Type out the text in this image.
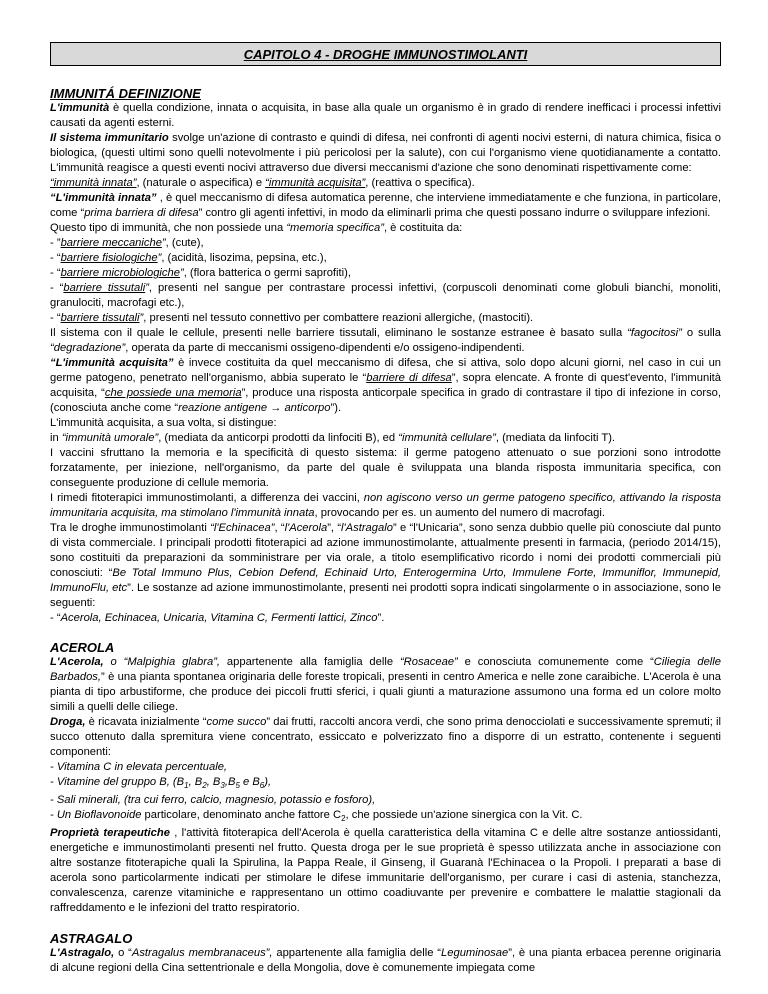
CAPITOLO 4 - DROGHE IMMUNOSTIMOLANTI
IMMUNITÁ DEFINIZIONE

L'immunità è quella condizione, innata o acquisita, in base alla quale un organismo è in grado di rendere inefficaci i processi infettivi causati da agenti esterni.

Il sistema immunitario svolge un'azione di contrasto e quindi di difesa, nei confronti di agenti nocivi esterni, di natura chimica, fisica o biologica, (questi ultimi sono quelli notevolmente i più pericolosi per la salute), con cui l'organismo viene quotidianamente a contatto. L'immunità reagisce a questi eventi nocivi attraverso due diversi meccanismi d'azione che sono denominati rispettivamente come:

“immunità innata”, (naturale o aspecifica) e “immunità acquisita”, (reattiva o specifica).

“L'immunità innata” , è quel meccanismo di difesa automatica perenne, che interviene immediatamente e che funziona, in particolare, come “prima barriera di difesa” contro gli agenti infettivi, in modo da eliminarli prima che questi possano indurre o sviluppare infezioni.

Questo tipo di immunità, che non possiede una “memoria specifica”, è costituita da:

- ”barriere meccaniche”, (cute),

- “barriere fisiologiche”, (acidità, lisozima, pepsina, etc.),

- “barriere microbiologiche”, (flora batterica o germi saprofiti),

- “barriere tissutali”, presenti nel sangue per contrastare processi infettivi, (corpuscoli denominati come globuli bianchi, monoliti, granulociti, macrofagi etc.),

- “barriere tissutali”, presenti nel tessuto connettivo per combattere reazioni allergiche, (mastociti).

Il sistema con il quale le cellule, presenti nelle barriere tissutali, eliminano le sostanze estranee è basato sulla “fagocitosi” o sulla “degradazione”, operata da parte di meccanismi ossigeno-dipendenti e/o ossigeno-indipendenti.

“L'immunità acquisita” è invece costituita da quel meccanismo di difesa, che si attiva, solo dopo alcuni giorni, nel caso in cui un germe patogeno, penetrato nell'organismo, abbia superato le “barriere di difesa”, sopra elencate. A fronte di quest'evento, l'immunità acquisita, “che possiede una memoria”, produce una risposta anticorpale specifica in grado di contrastare il tipo di infezione in corso, (conosciuta anche come “reazione antigene → anticorpo”).

L'immunità acquisita, a sua volta, si distingue:

in “immunità umorale”, (mediata da anticorpi prodotti da linfociti B), ed “immunità cellulare”, (mediata da linfociti T).

I vaccini sfruttano la memoria e la specificità di questo sistema: il germe patogeno attenuato o sue porzioni sono introdotte forzatamente, per iniezione, nell'organismo, da parte del quale è sviluppata una blanda risposta immunitaria specifica, con conseguente produzione di cellule memoria.

I rimedi fitoterapici immunostimolanti, a differenza dei vaccini, non agiscono verso un germe patogeno specifico, attivando la risposta immunitaria acquisita, ma stimolano l'immunità innata, provocando per es. un aumento del numero di macrofagi.

Tra le droghe immunostimolanti “l'Echinacea”, “l'Acerola”, “l'Astragalo” e “l'Unicaria”, sono senza dubbio quelle più conosciute dal punto di vista commerciale. I principali prodotti fitoterapici ad azione immunostimolante, attualmente presenti in farmacia, (periodo 2014/15), sono costituiti da preparazioni da somministrare per via orale, a titolo esemplificativo ricordo i nomi dei prodotti commerciali più conosciuti: “Be Total Immuno Plus, Cebion Defend, Echinaid Urto, Enterogermina Urto, Immulene Forte, Immuniflor, Immunepid, ImmunoFlu, etc”. Le sostanze ad azione immunostimolante, presenti nei prodotti sopra indicati singolarmente o in associazione, sono le seguenti:

- “Acerola, Echinacea, Unicaria, Vitamina C, Fermenti lattici, Zinco”.

ACEROLA

L'Acerola, o “Malpighia glabra”, appartenente alla famiglia delle “Rosaceae” e conosciuta comunemente come “Ciliegia delle Barbados,” è una pianta spontanea originaria delle foreste tropicali, presenti in centro America e nelle zone caraibiche. L'Acerola è una pianta di tipo arbustiforme, che produce dei piccoli frutti sferici, i quali giunti a maturazione assumono una forma ed un colore molto simili a quelli delle ciliege.

Droga, è ricavata inizialmente “come succo” dai frutti, raccolti ancora verdi, che sono prima denocciolati e successivamente spremuti; il succo ottenuto dalla spremitura viene concentrato, essiccato e polverizzato fino a disporre di un estratto, contenente i seguenti componenti:

- Vitamina C in elevata percentuale,

- Vitamine del gruppo B, ($B_1$, $B_2$, $B_3,B_5$ e $B_6$),

- Sali minerali, (tra cui ferro, calcio, magnesio, potassio e fosforo),

- Un Bioflavonoide particolare, denominato anche fattore $C_2$, che possiede un'azione sinergica con la Vit. C.

Proprietà terapeutiche , l'attività fitoterapica dell'Acerola è quella caratteristica della vitamina C e delle altre sostanze antiossidanti, energetiche e immunostimolanti presenti nel frutto. Questa droga per le sue proprietà è spesso utilizzata anche in associazione con altre sostanze fitoterapiche quali la Spirulina, la Pappa Reale, il Ginseng, il Guaranà l'Echinacea o la Propoli. I preparati a base di acerola sono particolarmente indicati per stimolare le difese immunitarie dell'organismo, per curare i casi di astenia, stanchezza, convalescenza, carenze vitaminiche e rappresentano un ottimo coadiuvante per prevenire e combattere le malattie stagionali da raffreddamento e le infezioni del tratto respiratorio.

ASTRAGALO

L'Astragalo, o “Astragalus membranaceus”, appartenente alla famiglia delle “Leguminosae”, è una pianta erbacea perenne originaria di alcune regioni della Cina settentrionale e della Mongolia, dove è comunemente impiegata come
